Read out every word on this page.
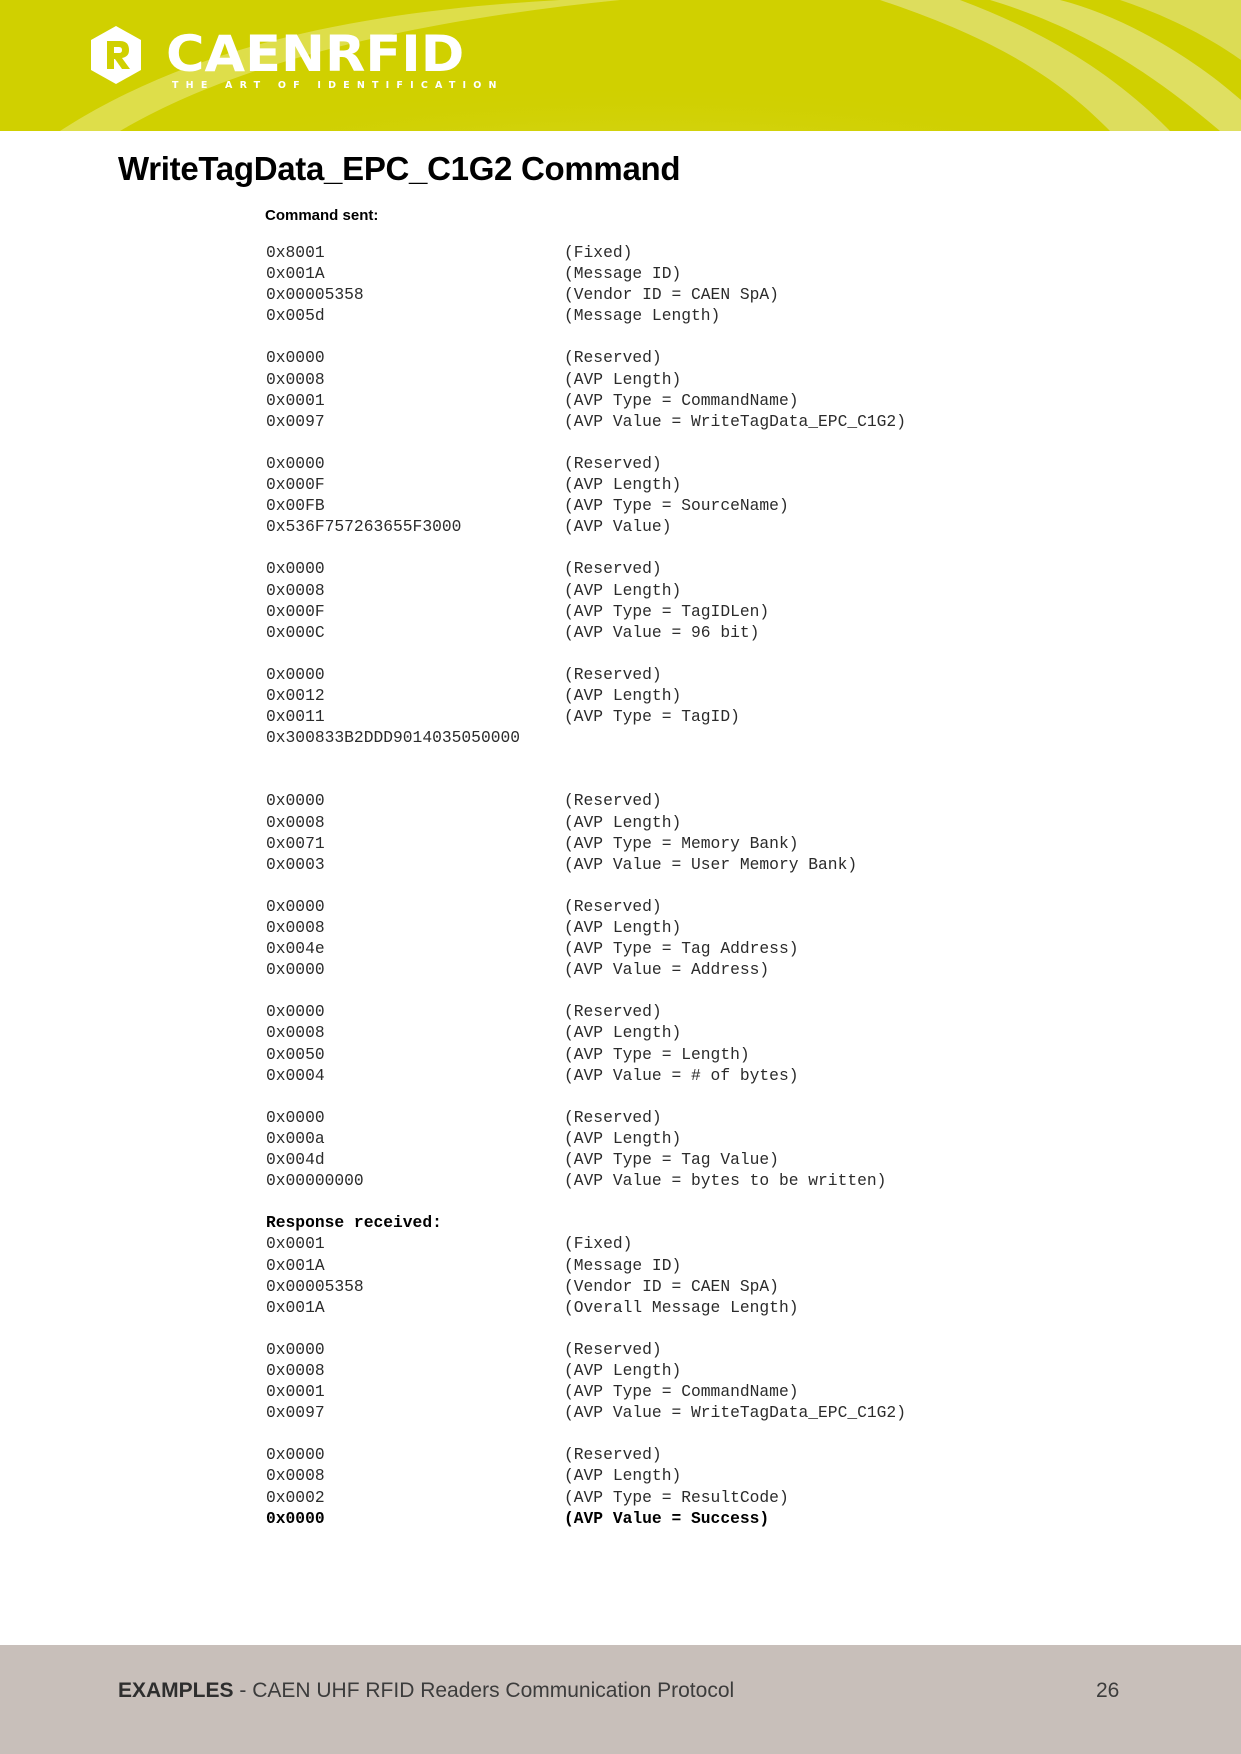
CAENRFID
THE ART OF IDENTIFICATION
WriteTagData_EPC_C1G2 Command
Command sent:
0x8001	(Fixed)
0x001A	(Message ID)
0x00005358	(Vendor ID = CAEN SpA)
0x005d	(Message Length)
0x0000	(Reserved)
0x0008	(AVP Length)
0x0001	(AVP Type = CommandName)
0x0097	(AVP Value = WriteTagData_EPC_C1G2)
0x0000	(Reserved)
0x000F	(AVP Length)
0x00FB	(AVP Type = SourceName)
0x536F757263655F3000	(AVP Value)
0x0000	(Reserved)
0x0008	(AVP Length)
0x000F	(AVP Type = TagIDLen)
0x000C	(AVP Value = 96 bit)
0x0000	(Reserved)
0x0012	(AVP Length)
0x0011	(AVP Type = TagID)
0x300833B2DDD9014035050000
0x0000	(Reserved)
0x0008	(AVP Length)
0x0071	(AVP Type = Memory Bank)
0x0003	(AVP Value = User Memory Bank)
0x0000	(Reserved)
0x0008	(AVP Length)
0x004e	(AVP Type = Tag Address)
0x0000	(AVP Value = Address)
0x0000	(Reserved)
0x0008	(AVP Length)
0x0050	(AVP Type = Length)
0x0004	(AVP Value = # of bytes)
0x0000	(Reserved)
0x000a	(AVP Length)
0x004d	(AVP Type = Tag Value)
0x00000000	(AVP Value = bytes to be written)
Response received:
0x0001	(Fixed)
0x001A	(Message ID)
0x00005358	(Vendor ID = CAEN SpA)
0x001A	(Overall Message Length)
0x0000	(Reserved)
0x0008	(AVP Length)
0x0001	(AVP Type = CommandName)
0x0097	(AVP Value = WriteTagData_EPC_C1G2)
0x0000	(Reserved)
0x0008	(AVP Length)
0x0002	(AVP Type = ResultCode)
0x0000	(AVP Value = Success)
EXAMPLES - CAEN UHF RFID Readers Communication Protocol	26
